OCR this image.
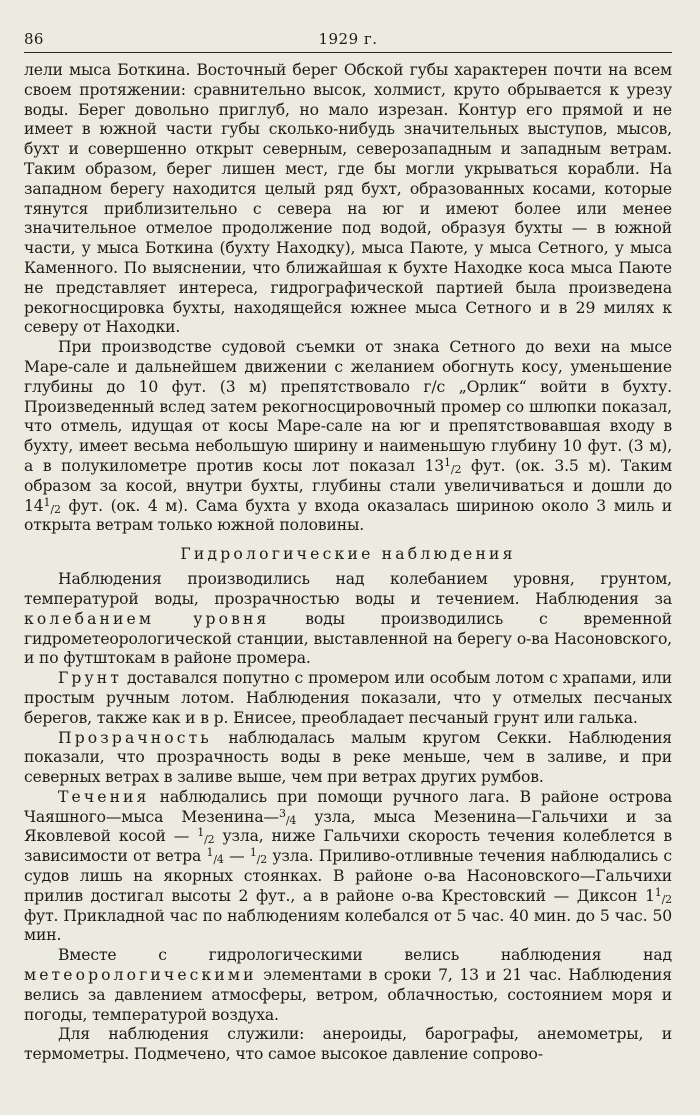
86	1929 г.

лели мыса Боткина. Восточный берег Обской губы характерен почти на всем своем протяжении: сравнительно высок, холмист, круто обрывается к урезу воды. Берег довольно приглуб, но мало изрезан. Контур его прямой и не имеет в южной части губы сколько-нибудь значительных выступов, мысов, бухт и совершенно открыт северным, северозападным и западным ветрам. Таким образом, берег лишен мест, где бы могли укрываться корабли. На западном берегу находится целый ряд бухт, образованных косами, которые тянутся приблизительно с севера на юг и имеют более или менее значительное отмелое продолжение под водой, образуя бухты — в южной части, у мыса Боткина (бухту Находку), мыса Паюте, у мыса Сетного, у мыса Каменного. По выяснении, что ближайшая к бухте Находке коса мыса Паюте не представляет интереса, гидрографической партией была произведена рекогносцировка бухты, находящейся южнее мыса Сетного и в 29 милях к северу от Находки.

При производстве судовой съемки от знака Сетного до вехи на мысе Маре-сале и дальнейшем движении с желанием обогнуть косу, уменьшение глубины до 10 фут. (3 м) препятствовало г/с „Орлик“ войти в бухту. Произведенный вслед затем рекогносцировочный промер со шлюпки показал, что отмель, идущая от косы Маре-сале на юг и препятствовавшая входу в бухту, имеет весьма небольшую ширину и наименьшую глубину 10 фут. (3 м), а в полукилометре против косы лот показал $13^1/2$ фут. (ок. 3.5 м). Таким образом за косой, внутри бухты, глубины стали увеличиваться и дошли до $14^1/2$ фут. (ок. 4 м). Сама бухта у входа оказалась шириною около 3 миль и открыта ветрам только южной половины.

Гидрологические наблюдения

Наблюдения производились над колебанием уровня, грунтом, температурой воды, прозрачностью воды и течением. Наблюдения за колебанием уровня воды производились с временной гидрометеорологической станции, выставленной на берегу о-ва Насоновского, и по футштокам в районе промера.

Грунт доставался попутно с промером или особым лотом с храпами, или простым ручным лотом. Наблюдения показали, что у отмелых песчаных берегов, также как и в р. Енисее, преобладает песчаный грунт или галька.

Прозрачность наблюдалась малым кругом Секки. Наблюдения показали, что прозрачность воды в реке меньше, чем в заливе, и при северных ветрах в заливе выше, чем при ветрах других румбов.

Течения наблюдались при помощи ручного лага. В районе острова Чаяшного—мыса Мезенина—$^3$/4 узла, мыса Мезенина—Гальчихи и за Яковлевой косой — $^1$/2 узла, ниже Гальчихи скорость течения колеблется в зависимости от ветра $^1$/4 — $^1$/2 узла. Приливо-отливные течения наблюдались с судов лишь на якорных стоянках. В районе о-ва Насоновского—Гальчихи прилив достигал высоты 2 фут., а в районе о-ва Крестовский — Диксон $1^1/2$ фут. Прикладной час по наблюдениям колебался от 5 час. 40 мин. до 5 час. 50 мин.

Вместе с гидрологическими велись наблюдения над метеорологическими элементами в сроки 7, 13 и 21 час. Наблюдения велись за давлением атмосферы, ветром, облачностью, состоянием моря и погоды, температурой воздуха.

Для наблюдения служили: анероиды, барографы, анемометры, и термометры. Подмечено, что самое высокое давление сопрово-
